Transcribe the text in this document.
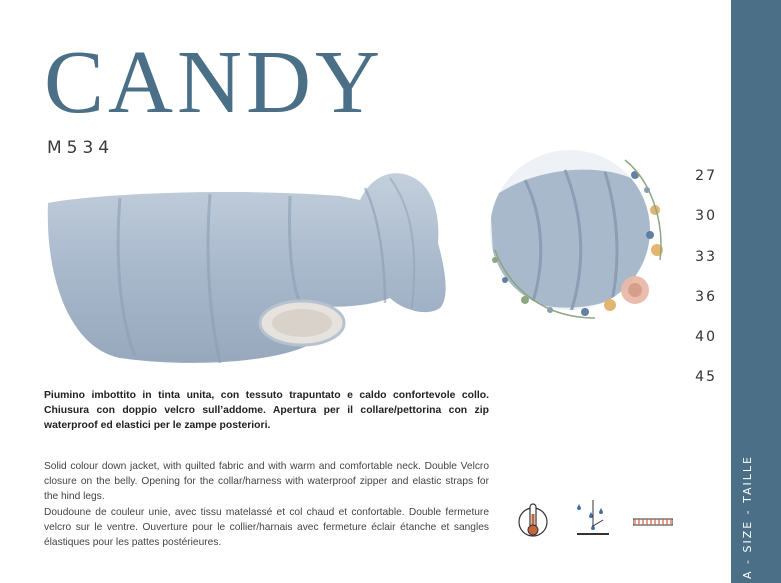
CANDY
M534

Piumino imbottito in tinta unita, con tessuto trapuntato e caldo confortevole collo. Chiusura con doppio velcro sull’addome. Apertura per il collare/pettorina con zip waterproof ed elastici per le zampe posteriori.

Solid colour down jacket, with quilted fabric and with warm and comfortable neck. Double Velcro closure on the belly. Opening for the collar/harness with waterproof zipper and elastic straps for the hind legs.

Doudoune de couleur unie, avec tissu matelassé et col chaud et confortable. Double fermeture velcro sur le ventre. Ouverture pour le collier/harnais avec fermeture éclair étanche et sangles élastiques pour les pattes postérieures.

27
30
33
36
40
45
A - SIZE - TAILLE
